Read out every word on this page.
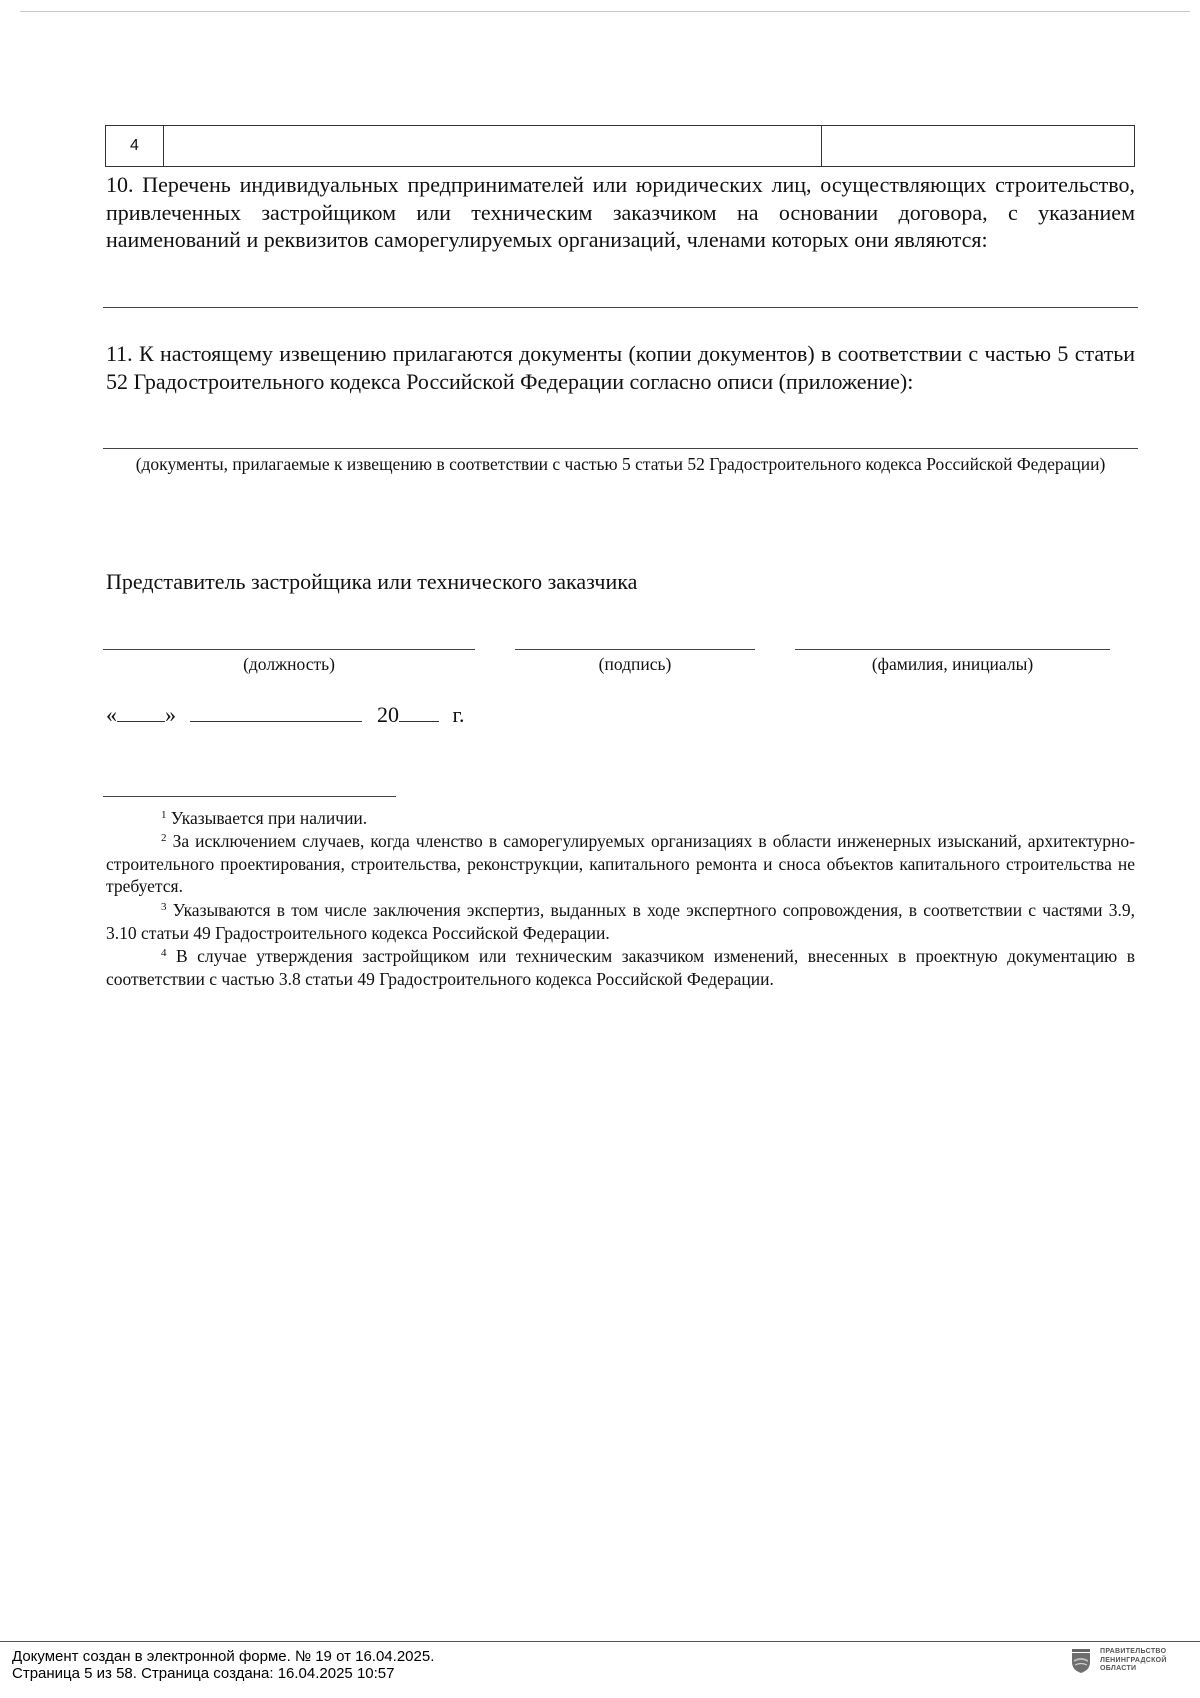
4

10. Перечень индивидуальных предпринимателей или юридических лиц, осуществляющих строительство, привлеченных застройщиком или техническим заказчиком на основании договора, с указанием наименований и реквизитов саморегулируемых организаций, членами которых они являются:

11. К настоящему извещению прилагаются документы (копии документов) в соответствии с частью 5 статьи 52 Градостроительного кодекса Российской Федерации согласно описи (приложение):

(документы, прилагаемые к извещению в соответствии с частью 5 статьи 52 Градостроительного кодекса Российской Федерации)

Представитель застройщика или технического заказчика

(должность)	(подпись)	(фамилия, инициалы)

« »	20 г.

$^1$ Указывается при наличии.

$^2$ За исключением случаев, когда членство в саморегулируемых организациях в области инженерных изысканий, архитектурно-строительного проектирования, строительства, реконструкции, капитального ремонта и сноса объектов капитального строительства не требуется.

$^3$ Указываются в том числе заключения экспертиз, выданных в ходе экспертного сопровождения, в соответствии с частями 3.9, 3.10 статьи 49 Градостроительного кодекса Российской Федерации.

$^4$ В случае утверждения застройщиком или техническим заказчиком изменений, внесенных в проектную документацию в соответствии с частью 3.8 статьи 49 Градостроительного кодекса Российской Федерации.

Документ создан в электронной форме. № 19 от 16.04.2025.
Страница 5 из 58. Страница создана: 16.04.2025 10:57
ПРАВИТЕЛЬСТВО
ЛЕНИНГРАДСКОЙ
ОБЛАСТИ
